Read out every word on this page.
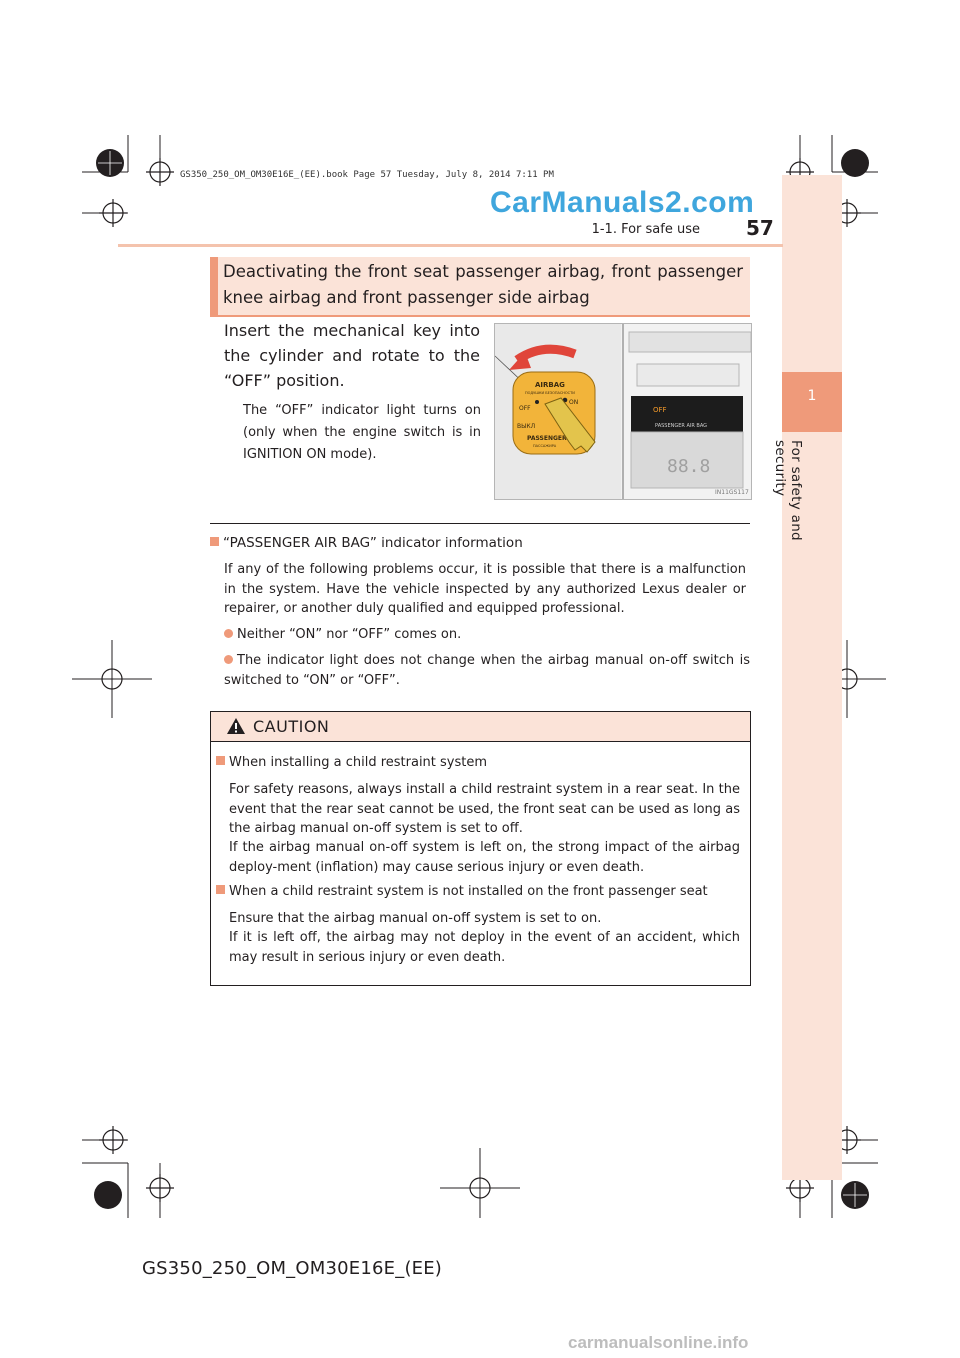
1
For safety and security
GS350_250_OM_OM30E16E_(EE).book Page 57 Tuesday, July 8, 2014 7:11 PM
CarManuals2.com
1-1. For safe use 57
Deactivating the front seat passenger airbag, front passenger knee airbag and front passenger side airbag
Insert the mechanical key into the cylinder and rotate to the “OFF” position.
The “OFF” indicator light turns on (only when the engine switch is in IGNITION ON mode).
OFF
PASSENGER AIR BAG
88.8
IN11GS117
AIRBAG
ПОДУШКИ БЕЗОПАСНОСТИ
OFF
ВЫКЛ
ON
PASSENGER
ПАССАЖИРА
“PASSENGER AIR BAG” indicator information
If any of the following problems occur, it is possible that there is a malfunction in the system. Have the vehicle inspected by any authorized Lexus dealer or repairer, or another duly qualified and equipped professional.
Neither “ON” nor “OFF” comes on.
The indicator light does not change when the airbag manual on-off switch is switched to “ON” or “OFF”.
CAUTION
When installing a child restraint system
For safety reasons, always install a child restraint system in a rear seat. In the event that the rear seat cannot be used, the front seat can be used as long as the airbag manual on-off system is set to off.
If the airbag manual on-off system is left on, the strong impact of the airbag deploy-ment (inflation) may cause serious injury or even death.
When a child restraint system is not installed on the front passenger seat
Ensure that the airbag manual on-off system is set to on.
If it is left off, the airbag may not deploy in the event of an accident, which may result in serious injury or even death.
GS350_250_OM_OM30E16E_(EE)
carmanualsonline.info
